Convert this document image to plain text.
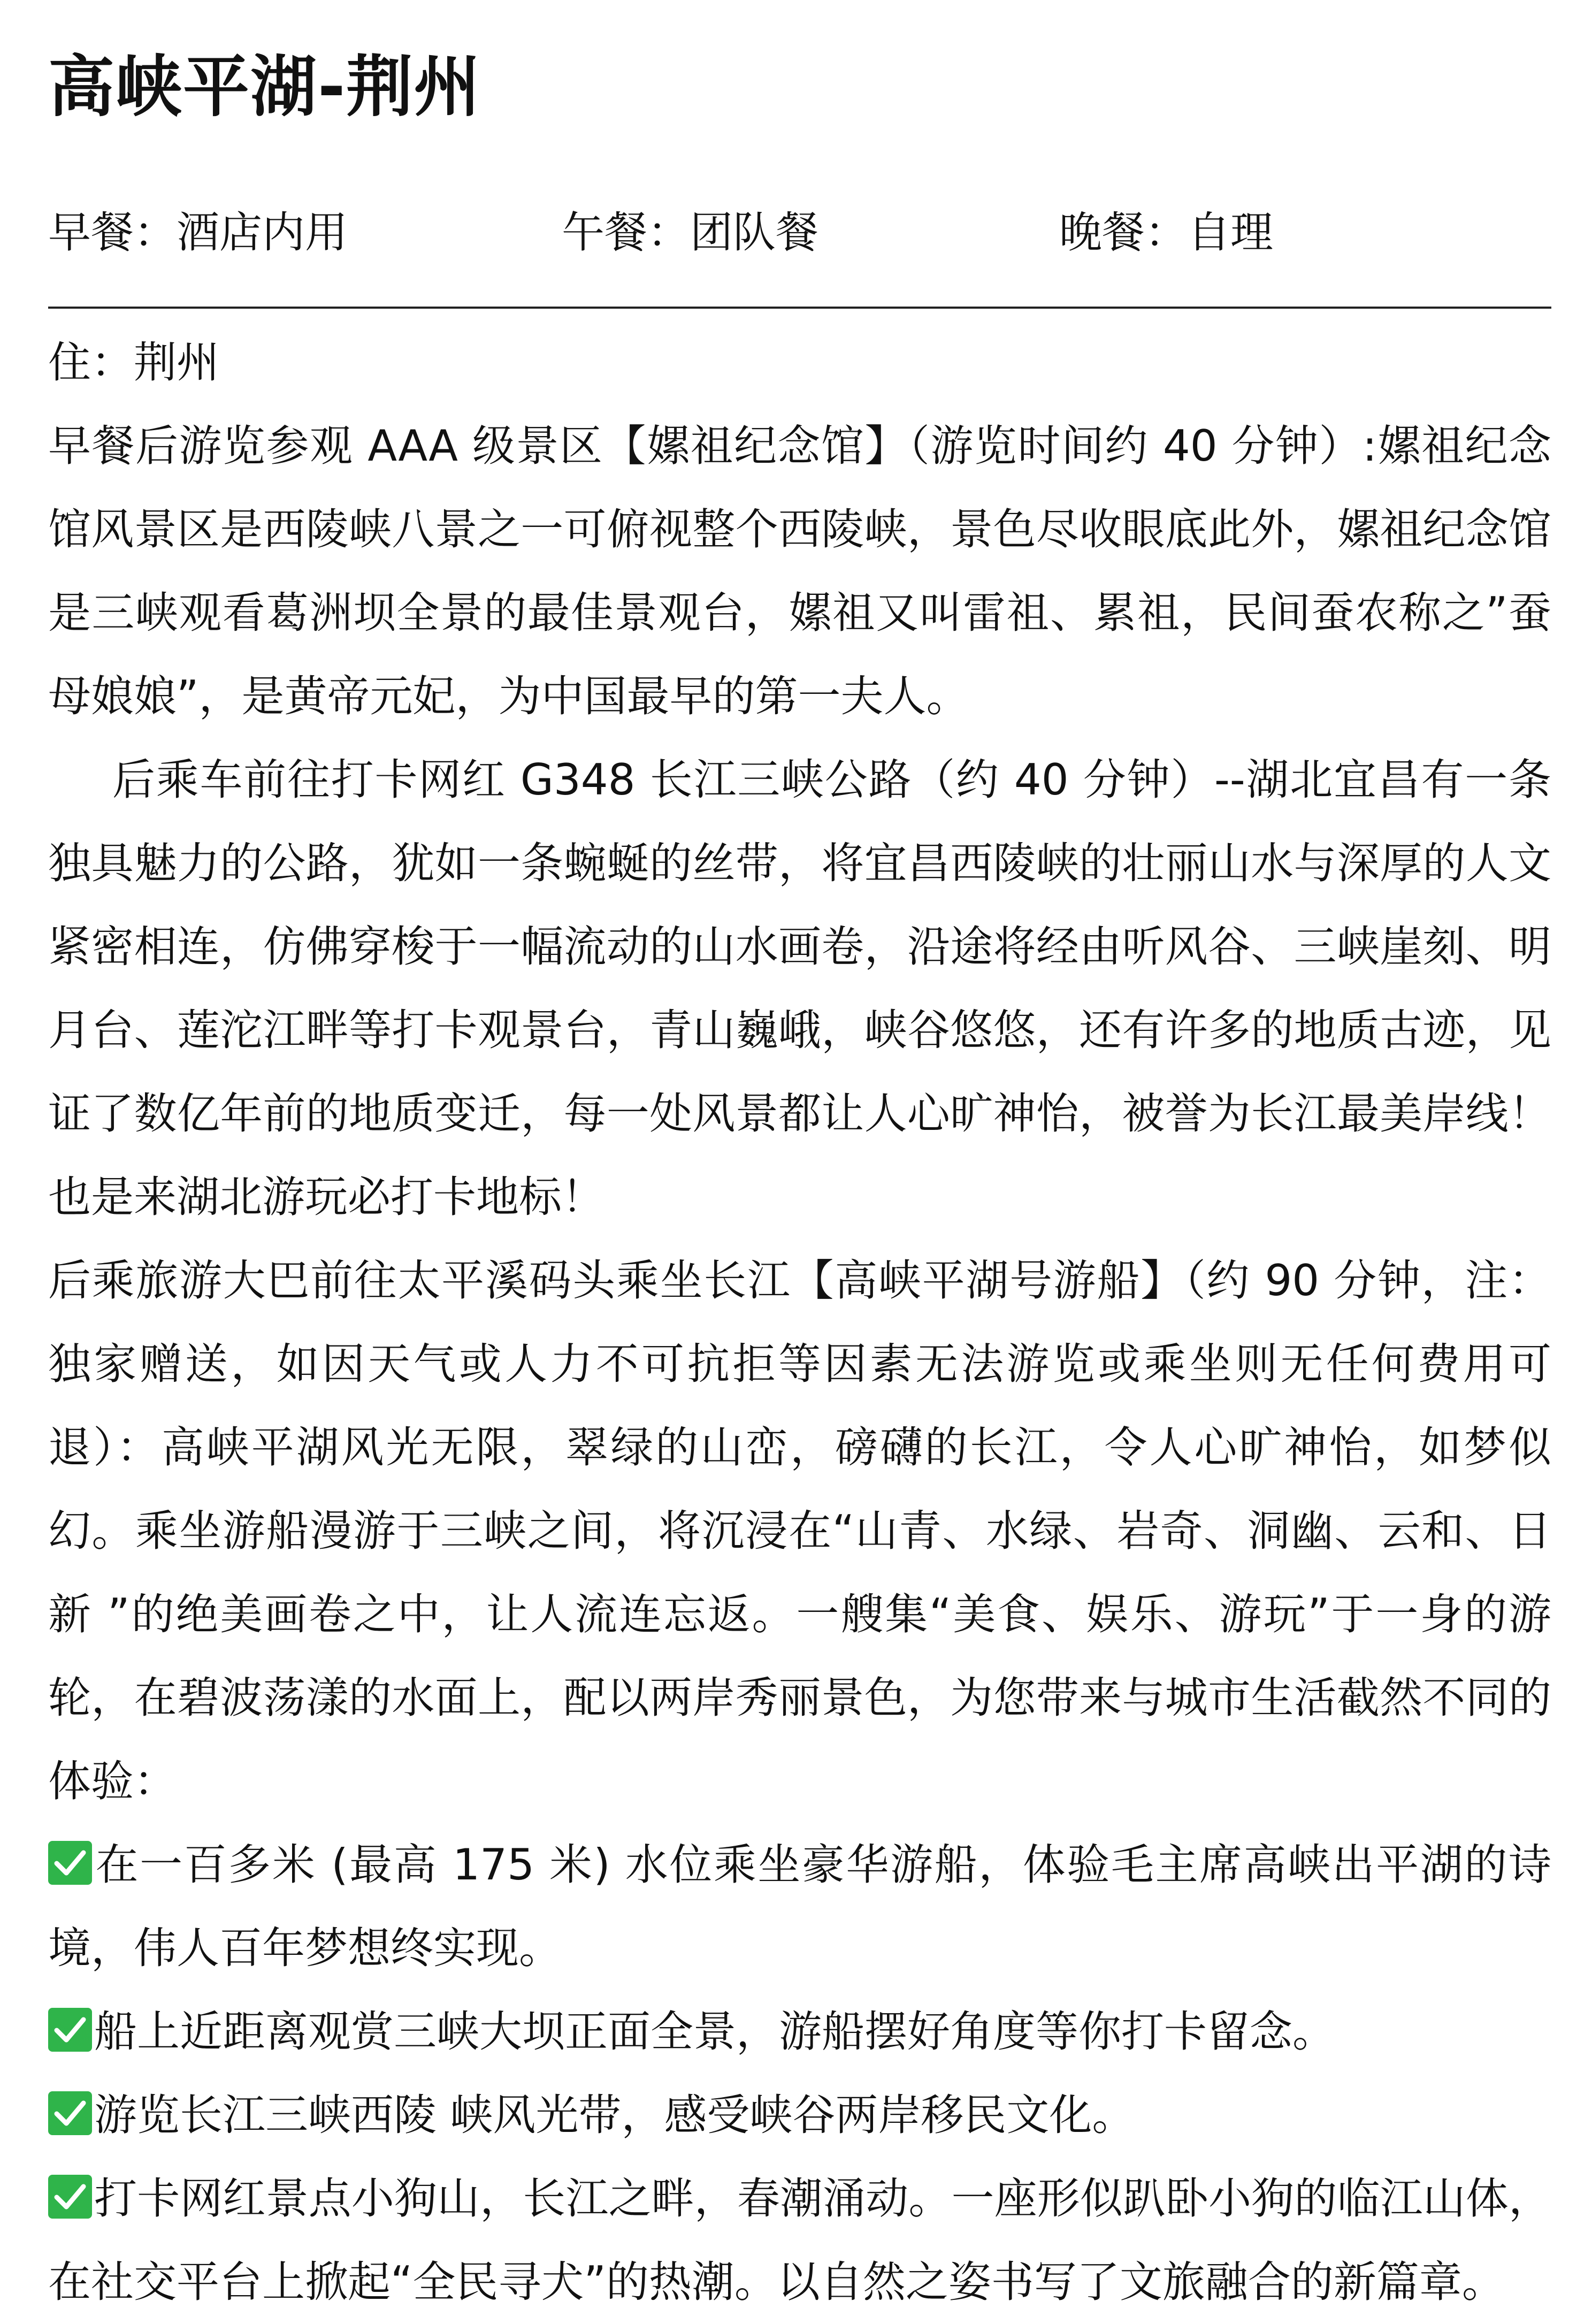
高峡平湖-荆州
早餐：酒店内用	午餐：团队餐	晚餐：自理

住：荆州

早餐后游览参观 AAA 级景区【嫘祖纪念馆】（游览时间约 40 分钟）:嫘祖纪念馆风景区是西陵峡八景之一可俯视整个西陵峡，景色尽收眼底此外，嫘祖纪念馆是三峡观看葛洲坝全景的最佳景观台，嫘祖又叫雷祖、累祖，民间蚕农称之”蚕母娘娘”，是黄帝元妃，为中国最早的第一夫人。

后乘车前往打卡网红 G348 长江三峡公路（约 40 分钟）--湖北宜昌有一条独具魅力的公路，犹如一条蜿蜒的丝带，将宜昌西陵峡的壮丽山水与深厚的人文紧密相连，仿佛穿梭于一幅流动的山水画卷，沿途将经由听风谷、三峡崖刻、明月台、莲沱江畔等打卡观景台，青山巍峨，峡谷悠悠，还有许多的地质古迹，见证了数亿年前的地质变迁，每一处风景都让人心旷神怡，被誉为长江最美岸线！也是来湖北游玩必打卡地标！

后乘旅游大巴前往太平溪码头乘坐长江【高峡平湖号游船】（约 90 分钟，注：独家赠送，如因天气或人力不可抗拒等因素无法游览或乘坐则无任何费用可退）：高峡平湖风光无限，翠绿的山峦，磅礴的长江，令人心旷神怡，如梦似幻。乘坐游船漫游于三峡之间，将沉浸在“山青、水绿、岩奇、洞幽、云和、日新 ”的绝美画卷之中，让人流连忘返。一艘集“美食、娱乐、游玩”于一身的游轮，在碧波荡漾的水面上，配以两岸秀丽景色，为您带来与城市生活截然不同的体验：

在一百多米 (最高 175 米) 水位乘坐豪华游船，体验毛主席高峡出平湖的诗境，伟人百年梦想终实现。

船上近距离观赏三峡大坝正面全景，游船摆好角度等你打卡留念。

游览长江三峡西陵 峡风光带，感受峡谷两岸移民文化。

打卡网红景点小狗山，长江之畔，春潮涌动。一座形似趴卧小狗的临江山体，在社交平台上掀起“全民寻犬”的热潮。以自然之姿书写了文旅融合的新篇章。
